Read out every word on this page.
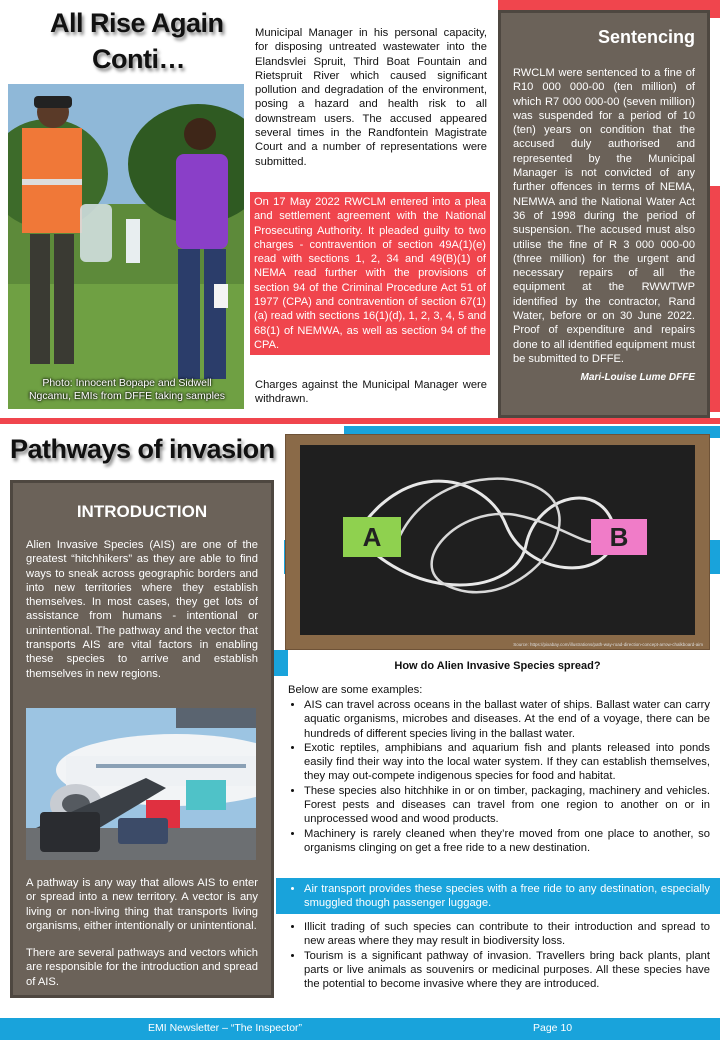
All Rise Again
Conti…
Photo: Innocent Bopape and Sidwell Ngcamu, EMIs from DFFE taking samples
Municipal Manager in his personal capacity, for disposing untreated wastewater into the Elandsvlei Spruit, Third Boat Fountain and Rietspruit River which caused significant pollution and degradation of the environment, posing a hazard and health risk to all downstream users. The accused appeared several times in the Randfontein Magistrate Court and a number of representations were submitted.
On 17 May 2022 RWCLM entered into a plea and settlement agreement with the National Prosecuting Authority. It pleaded guilty to two charges - contravention of section 49A(1)(e) read with sections 1, 2, 34 and 49(B)(1) of NEMA read further with the provisions of section 94 of the Criminal Procedure Act 51 of 1977 (CPA) and contravention of section 67(1)(a) read with sections 16(1)(d), 1, 2, 3, 4, 5 and 68(1) of NEMWA, as well as section 94 of the CPA.
Charges against the Municipal Manager were withdrawn.
Sentencing
RWCLM were sentenced to a fine of R10 000 000-00 (ten million) of which R7 000 000-00 (seven million) was suspended for a period of 10 (ten) years on condition that the accused duly authorised and represented by the Municipal Manager is not convicted of any further offences in terms of NEMA, NEMWA and the National Water Act 36 of 1998 during the period of suspension. The accused must also utilise the fine of R 3 000 000-00 (three million) for the urgent and necessary repairs of all the equipment at the RWWTWP identified by the contractor, Rand Water, before or on 30 June 2022. Proof of expenditure and repairs done to all identified equipment must be submitted to DFFE.
Mari-Louise Lume DFFE
Pathways of invasion
INTRODUCTION
Alien Invasive Species (AIS) are one of the greatest “hitchhikers” as they are able to find ways to sneak across geographic borders and into new territories where they establish themselves. In most cases, they get lots of assistance from humans - intentional or unintentional. The pathway and the vector that transports AIS are vital factors in enabling these species to arrive and establish themselves in new regions.
A pathway is any way that allows AIS to enter or spread into a new territory. A vector is any living or non-living thing that transports living organisms, either intentionally or unintentional.
There are several pathways and vectors which are responsible for the introduction and spread of AIS.
A	B
Source: https://pixabay.com/illustrations/path-way-road-direction-concept-arrow-chalkboard-aim
How do Alien Invasive Species spread?
Below are some examples:
• AIS can travel across oceans in the ballast water of ships. Ballast water can carry aquatic organisms, microbes and diseases. At the end of a voyage, there can be hundreds of different species living in the ballast water.
• Exotic reptiles, amphibians and aquarium fish and plants released into ponds easily find their way into the local water system. If they can establish themselves, they may out-compete indigenous species for food and habitat.
• These species also hitchhike in or on timber, packaging, machinery and vehicles. Forest pests and diseases can travel from one region to another on or in unprocessed wood and wood products.
• Machinery is rarely cleaned when they’re moved from one place to another, so organisms clinging on get a free ride to a new destination.
• Air transport provides these species with a free ride to any destination, especially smuggled though passenger luggage.
• Illicit trading of such species can contribute to their introduction and spread to new areas where they may result in biodiversity loss.
• Tourism is a significant pathway of invasion. Travellers bring back plants, plant parts or live animals as souvenirs or medicinal purposes. All these species have the potential to become invasive where they are introduced.
EMI Newsletter – “The Inspector”	Page 10
